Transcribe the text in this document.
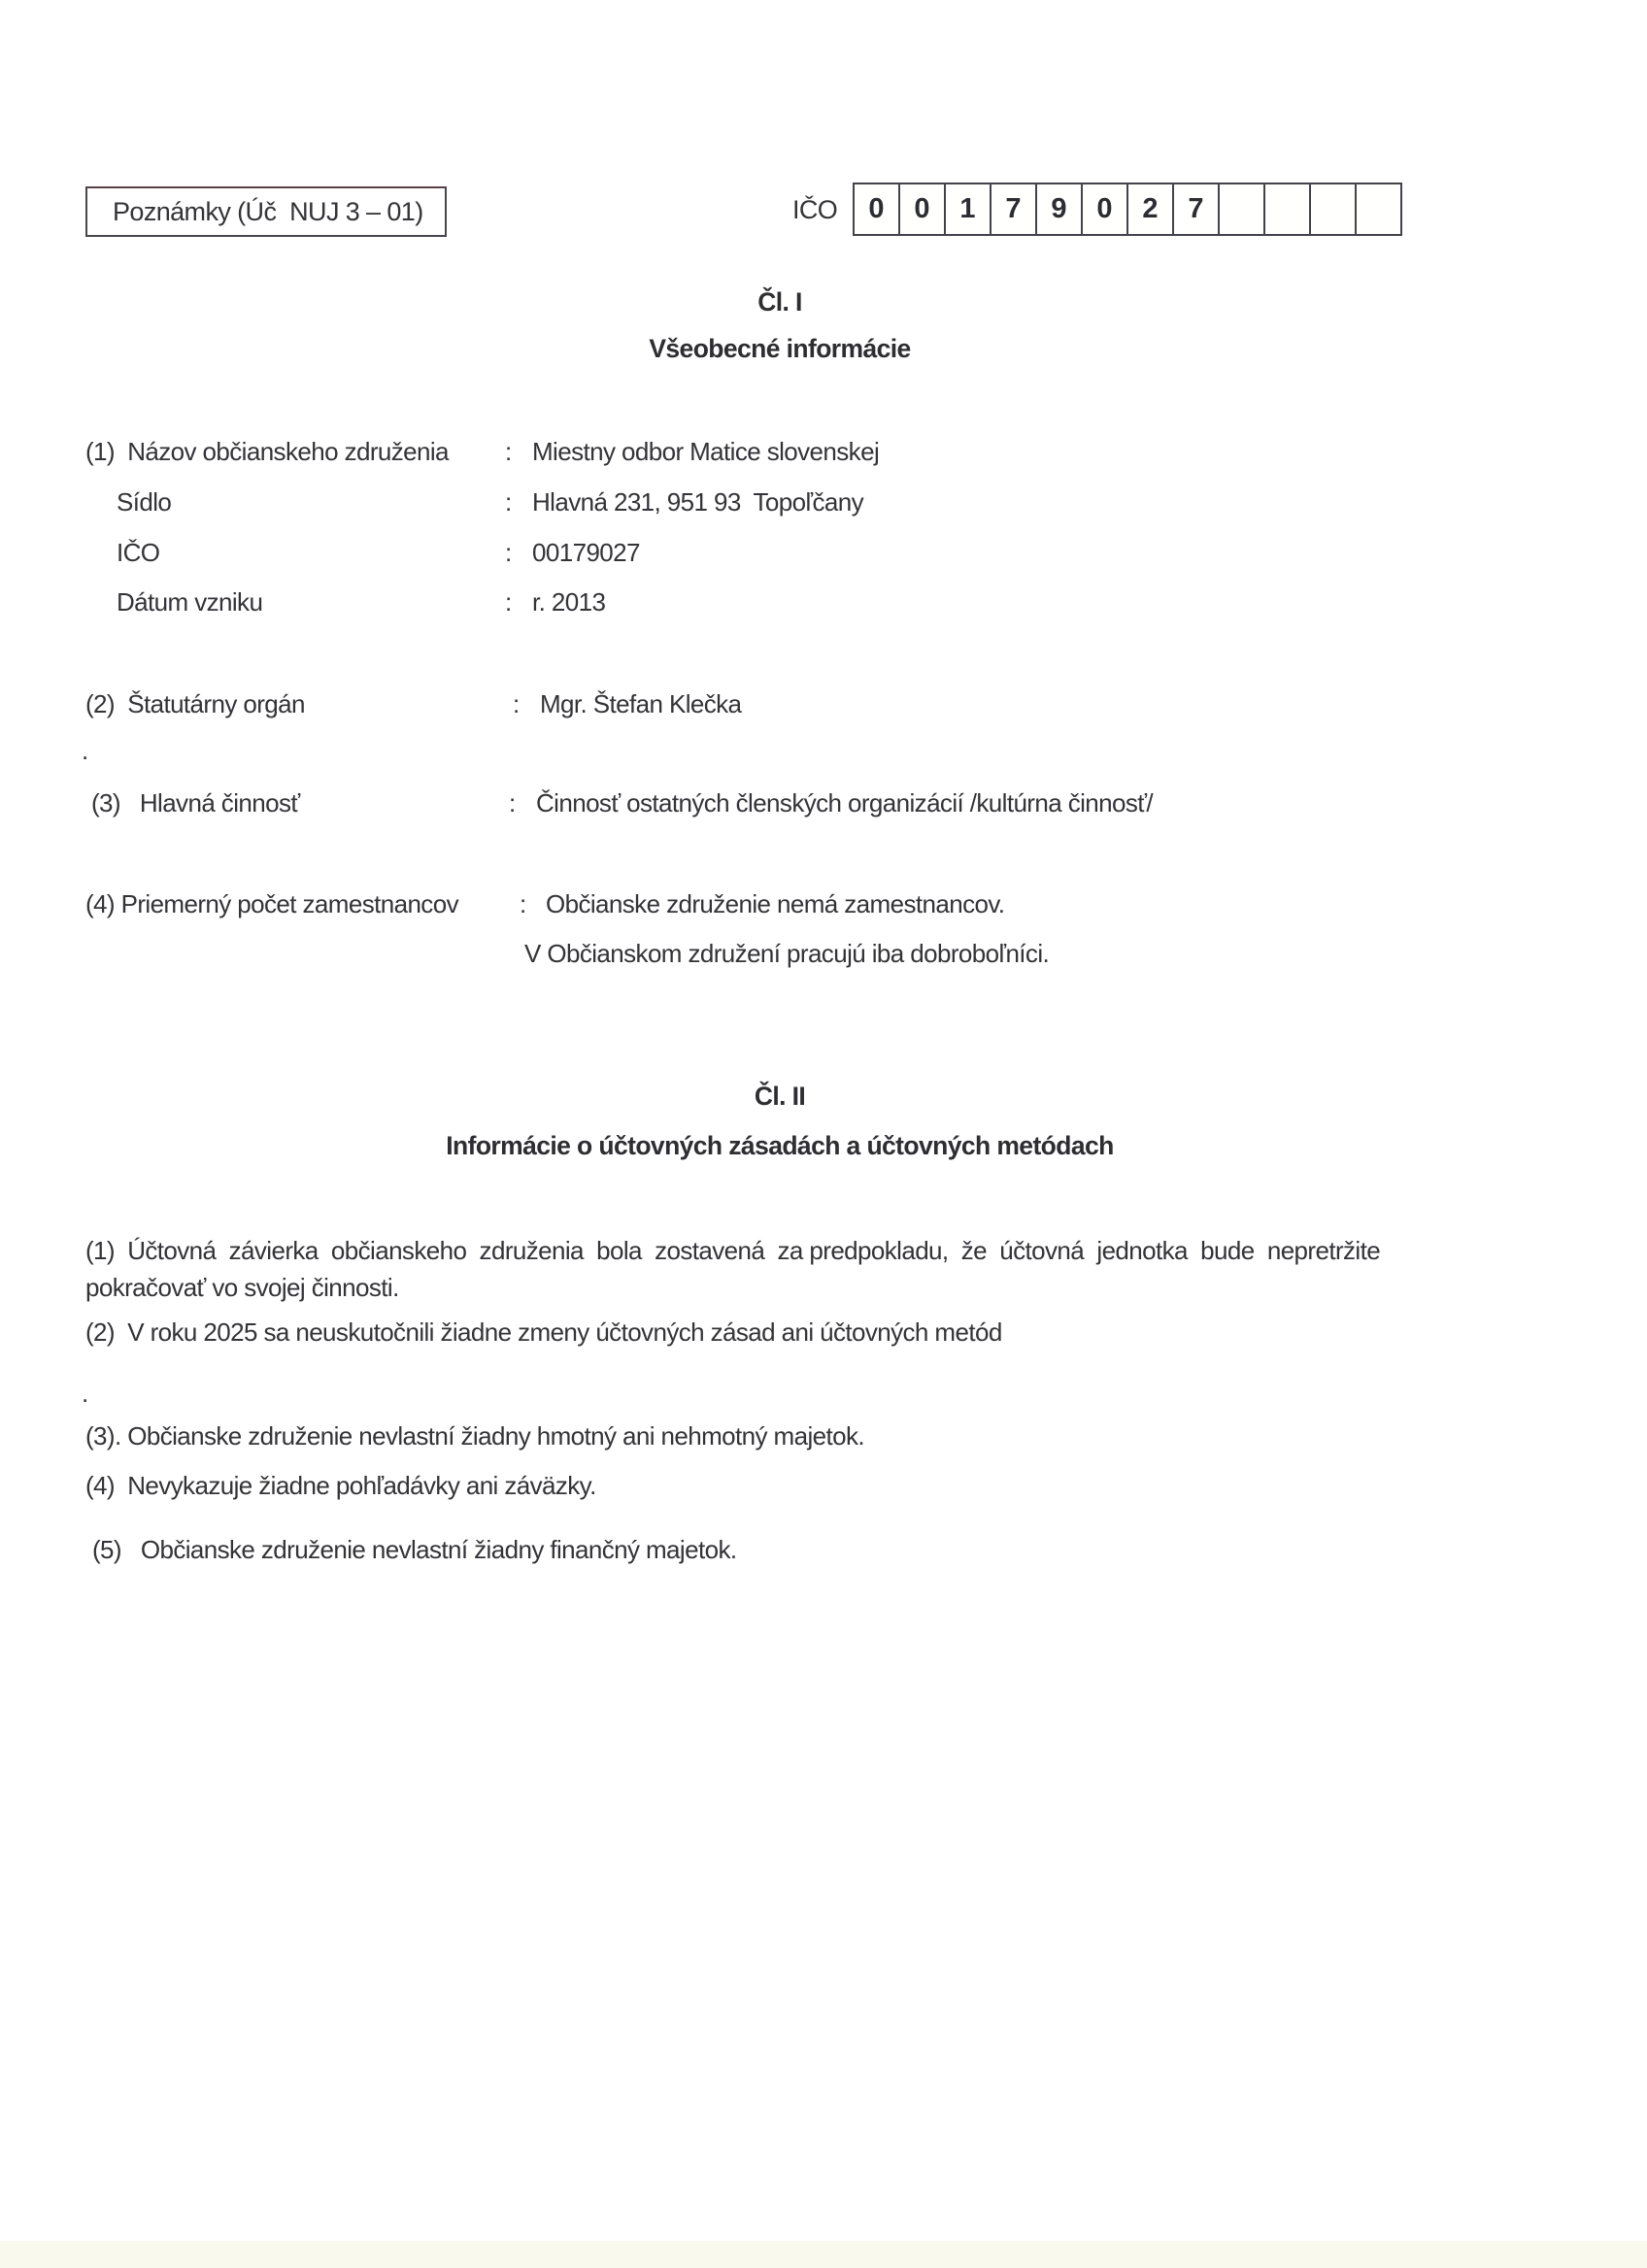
Poznámky (Úč  NUJ 3 – 01)	IČO	0	0	1	7	9	0	2	7
Čl. I
Všeobecné informácie
(1)  Názov občianskeho združenia : Miestny odbor Matice slovenskej
Sídlo	: Hlavná 231, 951 93  Topoľčany
IČO	: 00179027
Dátum vzniku	: r. 2013
(2)  Štatutárny orgán	: Mgr. Štefan Klečka
.
(3)   Hlavná činnosť	: Činnosť ostatných členských organizácií /kultúrna činnosť/
(4) Priemerný počet zamestnancov : Občianske združenie nemá zamestnancov.
V Občianskom združení pracujú iba dobroboľníci.
Čl. II
Informácie o účtovných zásadách a účtovných metódach
(1)  Účtovná  závierka  občianskeho  združenia  bola  zostavená  za predpokladu,  že  účtovná  jednotka  bude  nepretržite
pokračovať vo svojej činnosti.
(2)  V roku 2025 sa neuskutočnili žiadne zmeny účtovných zásad ani účtovných metód
.
(3). Občianske združenie nevlastní žiadny hmotný ani nehmotný majetok.
(4)  Nevykazuje žiadne pohľadávky ani záväzky.
(5)   Občianske združenie nevlastní žiadny finančný majetok.
